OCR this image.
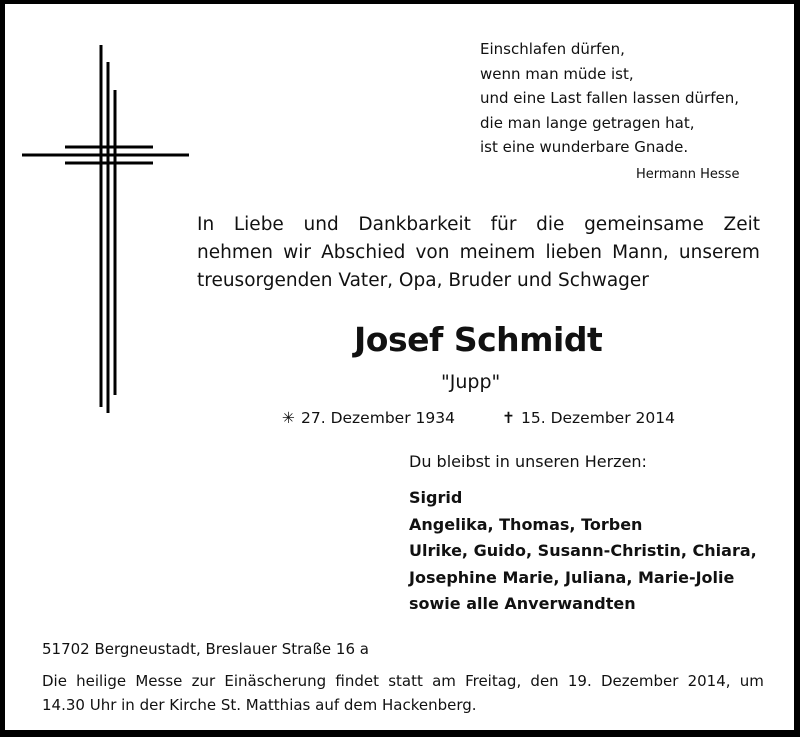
Einschlafen dürfen,
wenn man müde ist,
und eine Last fallen lassen dürfen,
die man lange getragen hat,
ist eine wunderbare Gnade.
Hermann Hesse
In Liebe und Dankbarkeit für die gemeinsame Zeit
nehmen wir Abschied von meinem lieben Mann, unserem
treusorgenden Vater, Opa, Bruder und Schwager
Josef Schmidt
"Jupp"
✳ 27. Dezember 1934	✝ 15. Dezember 2014
Du bleibst in unseren Herzen:
Sigrid
Angelika, Thomas, Torben
Ulrike, Guido, Susann-Christin, Chiara,
Josephine Marie, Juliana, Marie-Jolie
sowie alle Anverwandten
51702 Bergneustadt, Breslauer Straße 16 a
Die heilige Messe zur Einäscherung findet statt am Freitag, den 19. Dezember 2014, um
14.30 Uhr in der Kirche St. Matthias auf dem Hackenberg.
